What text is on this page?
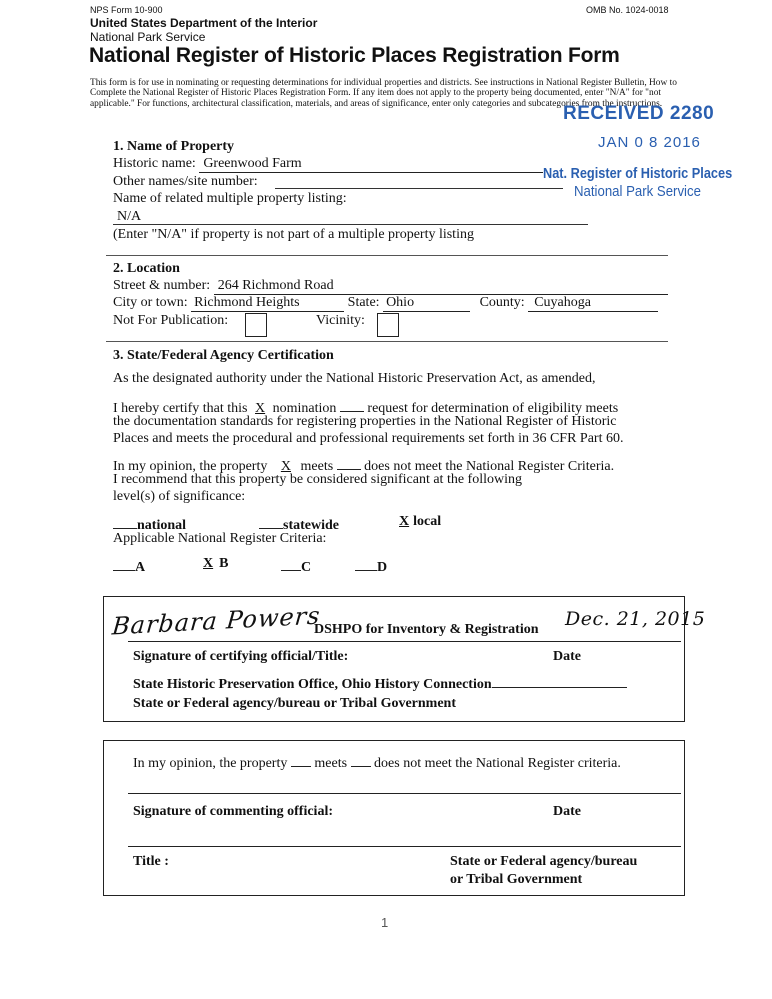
NPS Form 10-900	OMB No. 1024-0018
United States Department of the Interior
National Park Service
National Register of Historic Places Registration Form
This form is for use in nominating or requesting determinations for individual properties and districts. See instructions in National Register Bulletin, How to Complete the National Register of Historic Places Registration Form. If any item does not apply to the property being documented, enter "N/A" for "not applicable." For functions, architectural classification, materials, and areas of significance, enter only categories and subcategories from the instructions.
RECEIVED 2280
JAN 0 8 2016
Nat. Register of Historic Places
National Park Service
1. Name of Property
Historic name: Greenwood Farm
Other names/site number:
Name of related multiple property listing:
N/A
(Enter "N/A" if property is not part of a multiple property listing
2. Location
Street & number: 264 Richmond Road
City or town: Richmond Heights	State: Ohio	County: Cuyahoga
Not For Publication:	Vicinity:
3. State/Federal Agency Certification
As the designated authority under the National Historic Preservation Act, as amended,
I hereby certify that this X nomination request for determination of eligibility meets
the documentation standards for registering properties in the National Register of Historic
Places and meets the procedural and professional requirements set forth in 36 CFR Part 60.
In my opinion, the property X meets does not meet the National Register Criteria.
I recommend that this property be considered significant at the following
level(s) of significance:
national	statewide	X local
Applicable National Register Criteria:
A	X B	C	D
Barbara Powers
DSHPO for Inventory & Registration Dec. 21, 2015
Signature of certifying official/Title:	Date
State Historic Preservation Office, Ohio History Connection
State or Federal agency/bureau or Tribal Government
In my opinion, the property meets does not meet the National Register criteria.
Signature of commenting official:	Date
Title :	State or Federal agency/bureau
or Tribal Government
1
